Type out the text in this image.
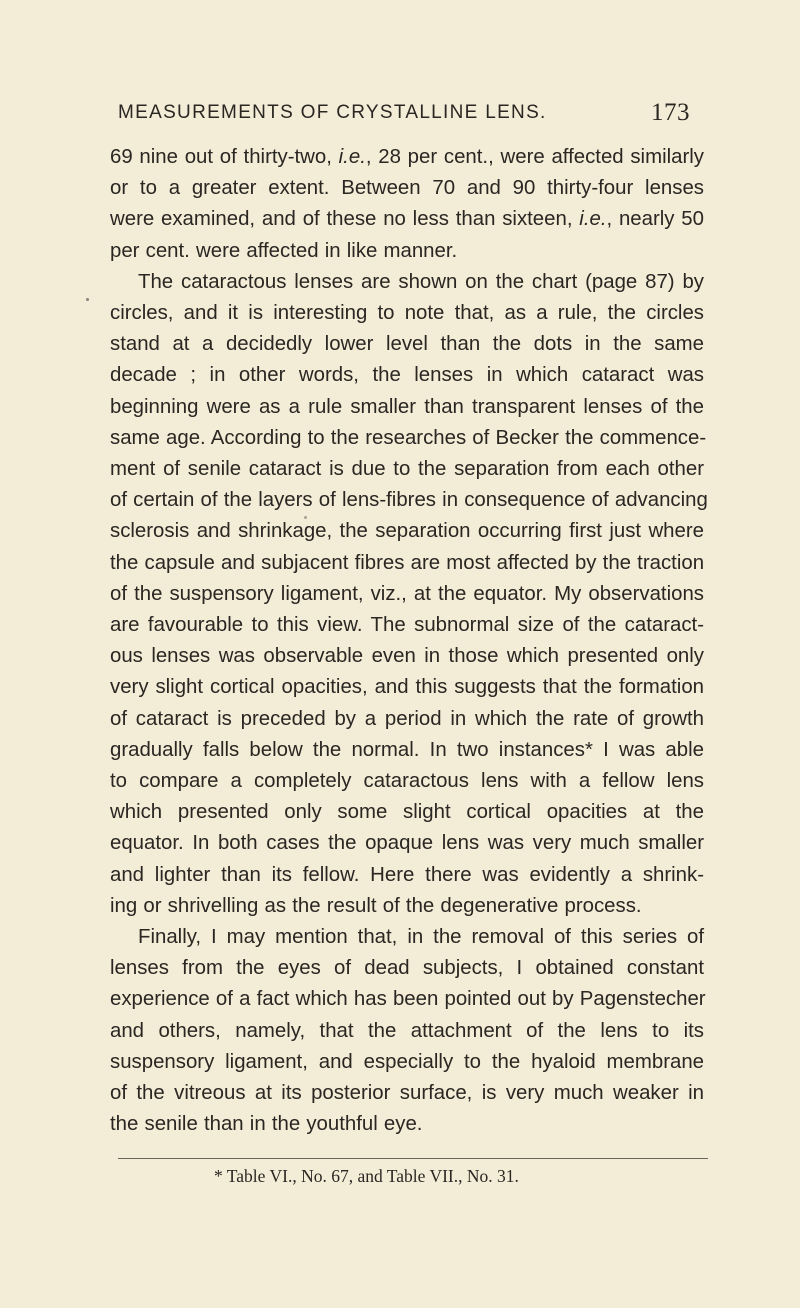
MEASUREMENTS OF CRYSTALLINE LENS.	173

69 nine out of thirty-two, i.e., 28 per cent., were affected similarly
or to a greater extent. Between 70 and 90 thirty-four lenses
were examined, and of these no less than sixteen, i.e., nearly 50
per cent. were affected in like manner.

The cataractous lenses are shown on the chart (page 87) by
circles, and it is interesting to note that, as a rule, the circles
stand at a decidedly lower level than the dots in the same
decade ; in other words, the lenses in which cataract was
beginning were as a rule smaller than transparent lenses of the
same age. According to the researches of Becker the commence-
ment of senile cataract is due to the separation from each other
of certain of the layers of lens-fibres in consequence of advancing
sclerosis and shrinkage, the separation occurring first just where
the capsule and subjacent fibres are most affected by the traction
of the suspensory ligament, viz., at the equator. My observations
are favourable to this view. The subnormal size of the cataract-
ous lenses was observable even in those which presented only
very slight cortical opacities, and this suggests that the formation
of cataract is preceded by a period in which the rate of growth
gradually falls below the normal. In two instances* I was able
to compare a completely cataractous lens with a fellow lens
which presented only some slight cortical opacities at the
equator. In both cases the opaque lens was very much smaller
and lighter than its fellow. Here there was evidently a shrink-
ing or shrivelling as the result of the degenerative process.

Finally, I may mention that, in the removal of this series of
lenses from the eyes of dead subjects, I obtained constant
experience of a fact which has been pointed out by Pagenstecher
and others, namely, that the attachment of the lens to its
suspensory ligament, and especially to the hyaloid membrane
of the vitreous at its posterior surface, is very much weaker in
the senile than in the youthful eye.

* Table VI., No. 67, and Table VII., No. 31.
